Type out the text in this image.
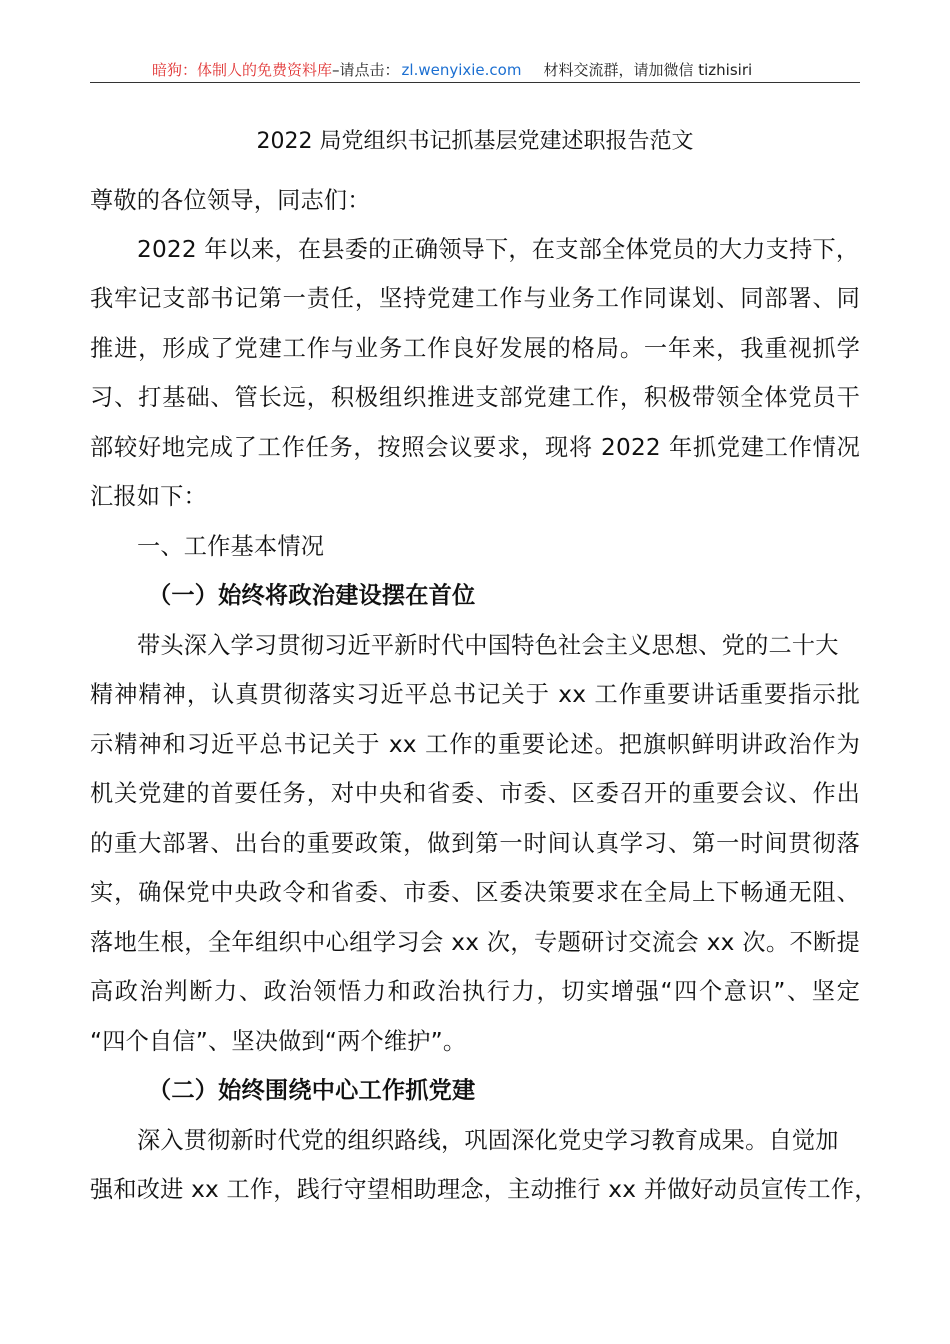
暗狗：体制人的免费资料库 –请点击： zl.wenyixie.com 材料交流群，请加微信 tizhisiri
2022 局党组织书记抓基层党建述职报告范文
尊敬的各位领导，同志们：
2022 年以来，在县委的正确领导下，在支部全体党员的大力支持下，
我牢记支部书记第一责任，坚持党建工作与业务工作同谋划、同部署、同
推进，形成了党建工作与业务工作良好发展的格局。一年来，我重视抓学
习、打基础、管长远，积极组织推进支部党建工作，积极带领全体党员干
部较好地完成了工作任务，按照会议要求，现将 2022 年抓党建工作情况
汇报如下：
一、工作基本情况
（一）始终将政治建设摆在首位
带头深入学习贯彻习近平新时代中国特色社会主义思想、党的二十大
精神精神，认真贯彻落实习近平总书记关于 xx 工作重要讲话重要指示批
示精神和习近平总书记关于 xx 工作的重要论述。把旗帜鲜明讲政治作为
机关党建的首要任务，对中央和省委、市委、区委召开的重要会议、作出
的重大部署、出台的重要政策，做到第一时间认真学习、第一时间贯彻落
实，确保党中央政令和省委、市委、区委决策要求在全局上下畅通无阻、
落地生根，全年组织中心组学习会 xx 次，专题研讨交流会 xx 次。不断提
高政治判断力、政治领悟力和政治执行力，切实增强“四个意识”、坚定
“四个自信”、坚决做到“两个维护”。
（二）始终围绕中心工作抓党建
深入贯彻新时代党的组织路线，巩固深化党史学习教育成果。自觉加
强和改进 xx 工作，践行守望相助理念，主动推行 xx 并做好动员宣传工作，
